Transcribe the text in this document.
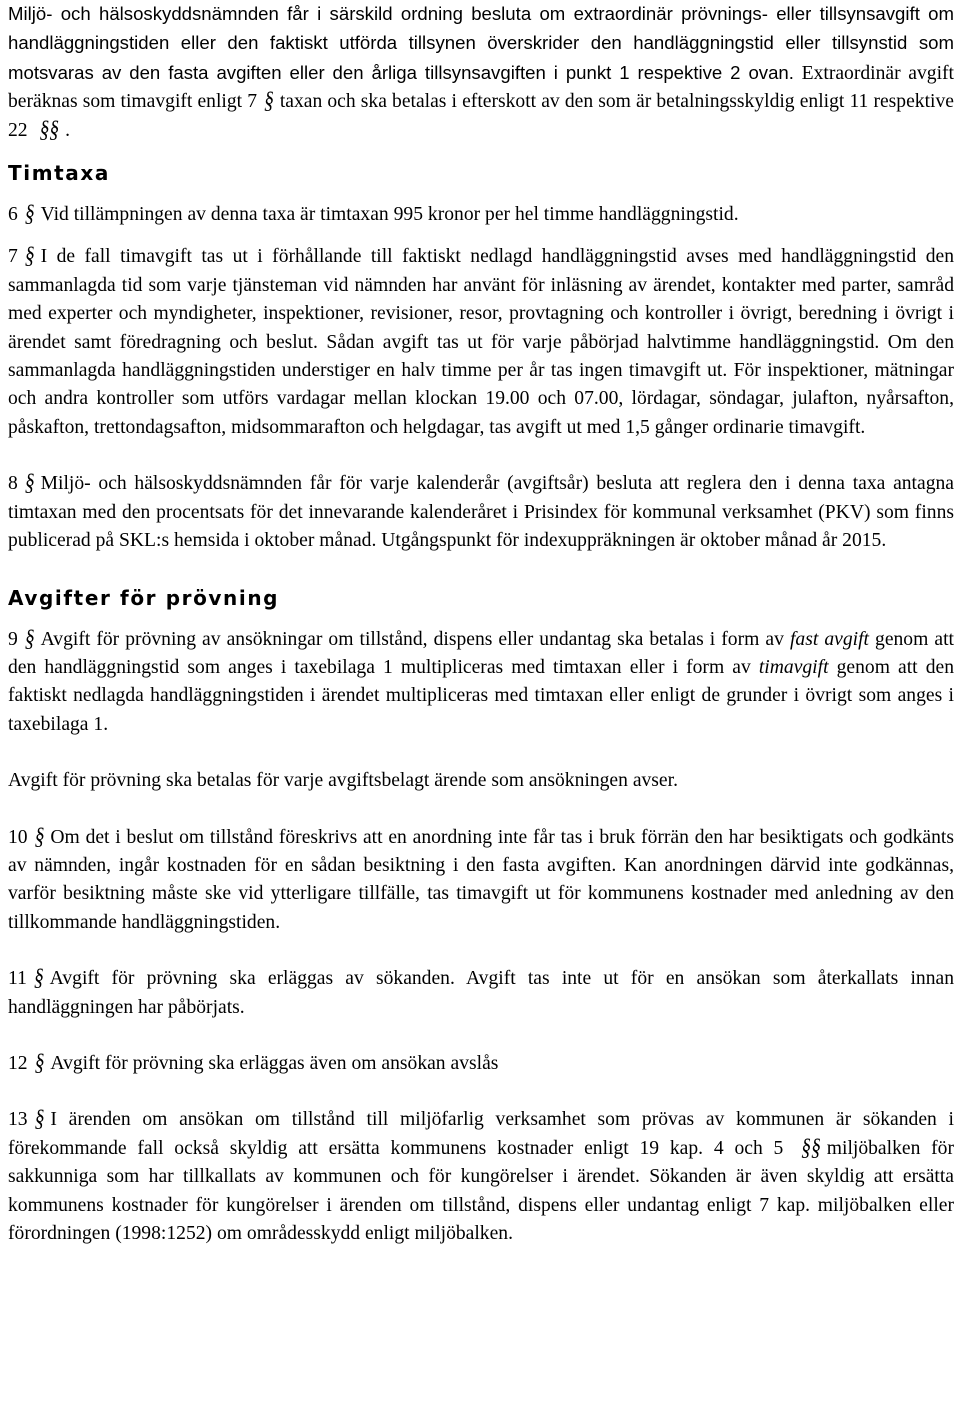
Miljö- och hälsoskyddsnämnden får i särskild ordning besluta om extraordinär prövnings- eller tillsynsavgift om handläggningstiden eller den faktiskt utförda tillsynen överskrider den handläggningstid eller tillsynstid som motsvaras av den fasta avgiften eller den årliga tillsynsavgiften i punkt 1 respektive 2 ovan. Extraordinär avgift beräknas som timavgift enligt 7 § taxan och ska betalas i efterskott av den som är betalningsskyldig enligt 11 respektive 22 §§ .

Timtaxa

6 § Vid tillämpningen av denna taxa är timtaxan 995 kronor per hel timme handläggningstid.

7 § I de fall timavgift tas ut i förhållande till faktiskt nedlagd handläggningstid avses med handläggningstid den sammanlagda tid som varje tjänsteman vid nämnden har använt för inläsning av ärendet, kontakter med parter, samråd med experter och myndigheter, inspektioner, revisioner, resor, provtagning och kontroller i övrigt, beredning i övrigt i ärendet samt föredragning och beslut. Sådan avgift tas ut för varje påbörjad halvtimme handläggningstid. Om den sammanlagda handläggningstiden understiger en halv timme per år tas ingen timavgift ut. För inspektioner, mätningar och andra kontroller som utförs vardagar mellan klockan 19.00 och 07.00, lördagar, söndagar, julafton, nyårsafton, påskafton, trettondagsafton, midsommarafton och helgdagar, tas avgift ut med 1,5 gånger ordinarie timavgift.

8 § Miljö- och hälsoskyddsnämnden får för varje kalenderår (avgiftsår) besluta att reglera den i denna taxa antagna timtaxan med den procentsats för det innevarande kalenderåret i Prisindex för kommunal verksamhet (PKV) som finns publicerad på SKL:s hemsida i oktober månad. Utgångspunkt för indexuppräkningen är oktober månad år 2015.

Avgifter för prövning

9 § Avgift för prövning av ansökningar om tillstånd, dispens eller undantag ska betalas i form av fast avgift genom att den handläggningstid som anges i taxebilaga 1 multipliceras med timtaxan eller i form av timavgift genom att den faktiskt nedlagda handläggningstiden i ärendet multipliceras med timtaxan eller enligt de grunder i övrigt som anges i taxebilaga 1.

Avgift för prövning ska betalas för varje avgiftsbelagt ärende som ansökningen avser.

10 § Om det i beslut om tillstånd föreskrivs att en anordning inte får tas i bruk förrän den har besiktigats och godkänts av nämnden, ingår kostnaden för en sådan besiktning i den fasta avgiften. Kan anordningen därvid inte godkännas, varför besiktning måste ske vid ytterligare tillfälle, tas timavgift ut för kommunens kostnader med anledning av den tillkommande handläggningstiden.

11 § Avgift för prövning ska erläggas av sökanden. Avgift tas inte ut för en ansökan som återkallats innan handläggningen har påbörjats.

12 § Avgift för prövning ska erläggas även om ansökan avslås

13 § I ärenden om ansökan om tillstånd till miljöfarlig verksamhet som prövas av kommunen är sökanden i förekommande fall också skyldig att ersätta kommunens kostnader enligt 19 kap. 4 och 5 §§ miljöbalken för sakkunniga som har tillkallats av kommunen och för kungörelser i ärendet. Sökanden är även skyldig att ersätta kommunens kostnader för kungörelser i ärenden om tillstånd, dispens eller undantag enligt 7 kap. miljöbalken eller förordningen (1998:1252) om områdesskydd enligt miljöbalken.
